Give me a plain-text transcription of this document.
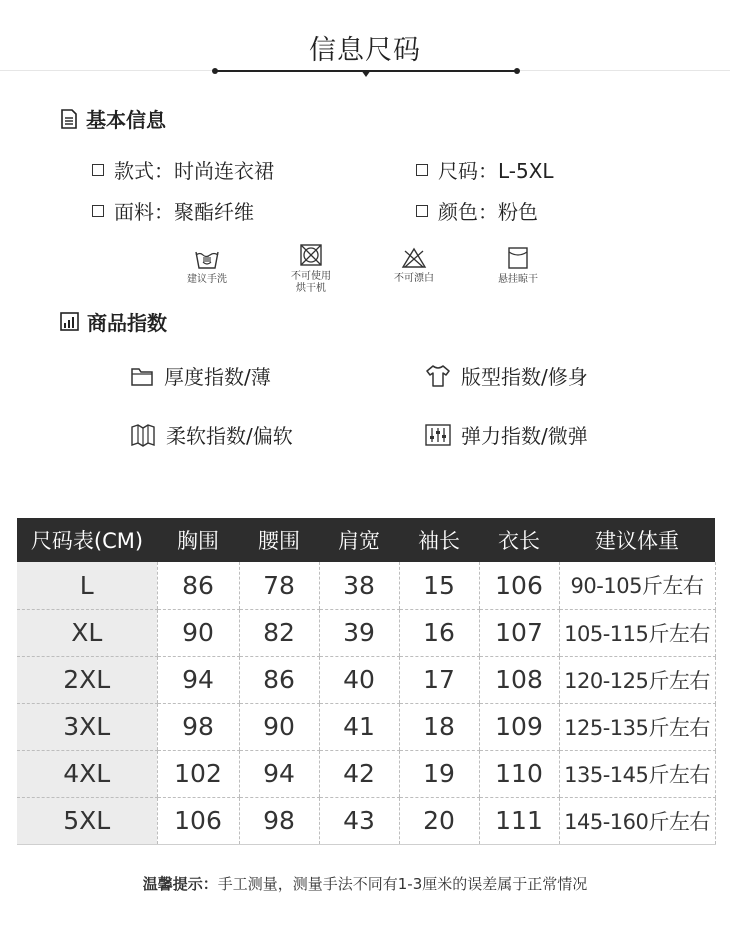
信息尺码
基本信息
款式：时尚连衣裙	尺码：L-5XL
面料：聚酯纤维	颜色：粉色
建议手洗	不可使用
烘干机
不可漂白	悬挂晾干
商品指数
厚度指数/薄	版型指数/修身
柔软指数/偏软	弹力指数/微弹
尺码表(CM)	胸围	腰围	肩宽	袖长	衣长	建议体重
L	86	78	38	15	106	90-105斤左右
XL	90	82	39	16	107	105-115斤左右
2XL	94	86	40	17	108	120-125斤左右
3XL	98	90	41	18	109	125-135斤左右
4XL	102	94	42	19	110	135-145斤左右
5XL	106	98	43	20	111	145-160斤左右
温馨提示：手工测量，测量手法不同有1-3厘米的误差属于正常情况
